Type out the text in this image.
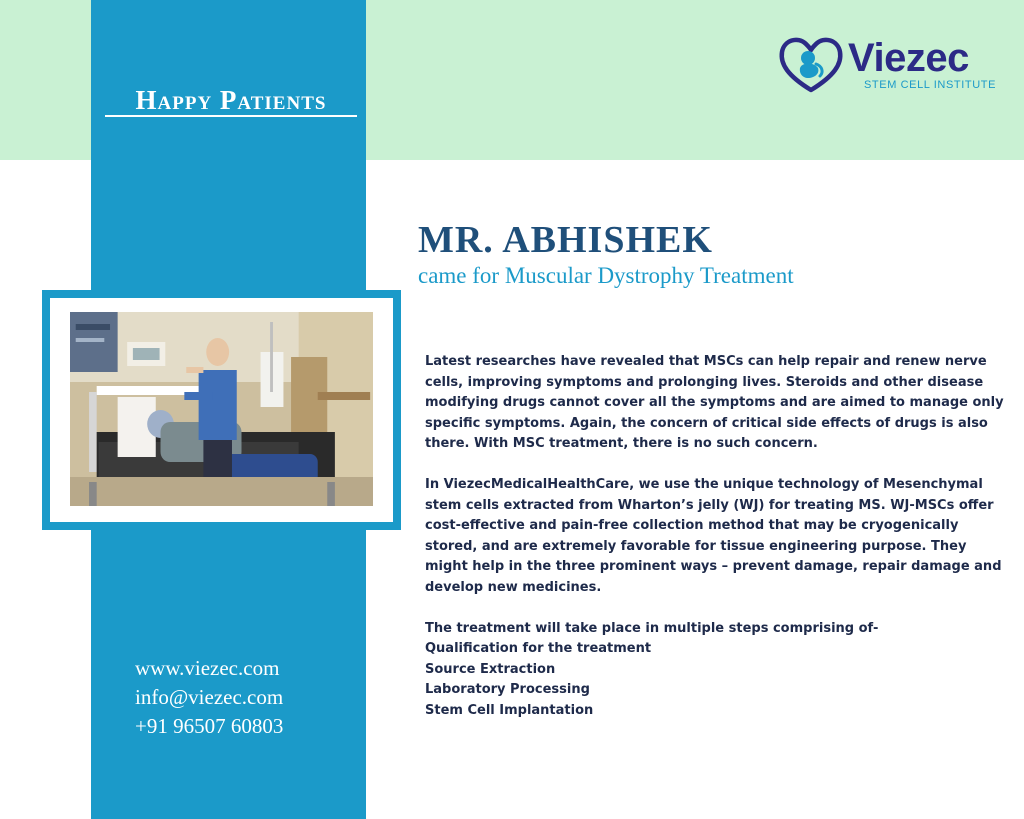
Happy Patients
www.viezec.com
info@viezec.com
+91 96507 60803
Viezec
STEM CELL INSTITUTE
MR. ABHISHEK
came for Muscular Dystrophy Treatment

Latest researches have revealed that MSCs can help repair and renew nerve cells, improving symptoms and prolonging lives. Steroids and other disease modifying drugs cannot cover all the symptoms and are aimed to manage only specific symptoms. Again, the concern of critical side effects of drugs is also there. With MSC treatment, there is no such concern.

In ViezecMedicalHealthCare, we use the unique technology of Mesenchymal stem cells extracted from Wharton’s jelly (WJ) for treating MS. WJ-MSCs offer cost-effective and pain-free collection method that may be cryogenically stored, and are extremely favorable for tissue engineering purpose. They might help in the three prominent ways – prevent damage, repair damage and develop new medicines.

The treatment will take place in multiple steps comprising of-
Qualification for the treatment
Source Extraction
Laboratory Processing
Stem Cell Implantation
